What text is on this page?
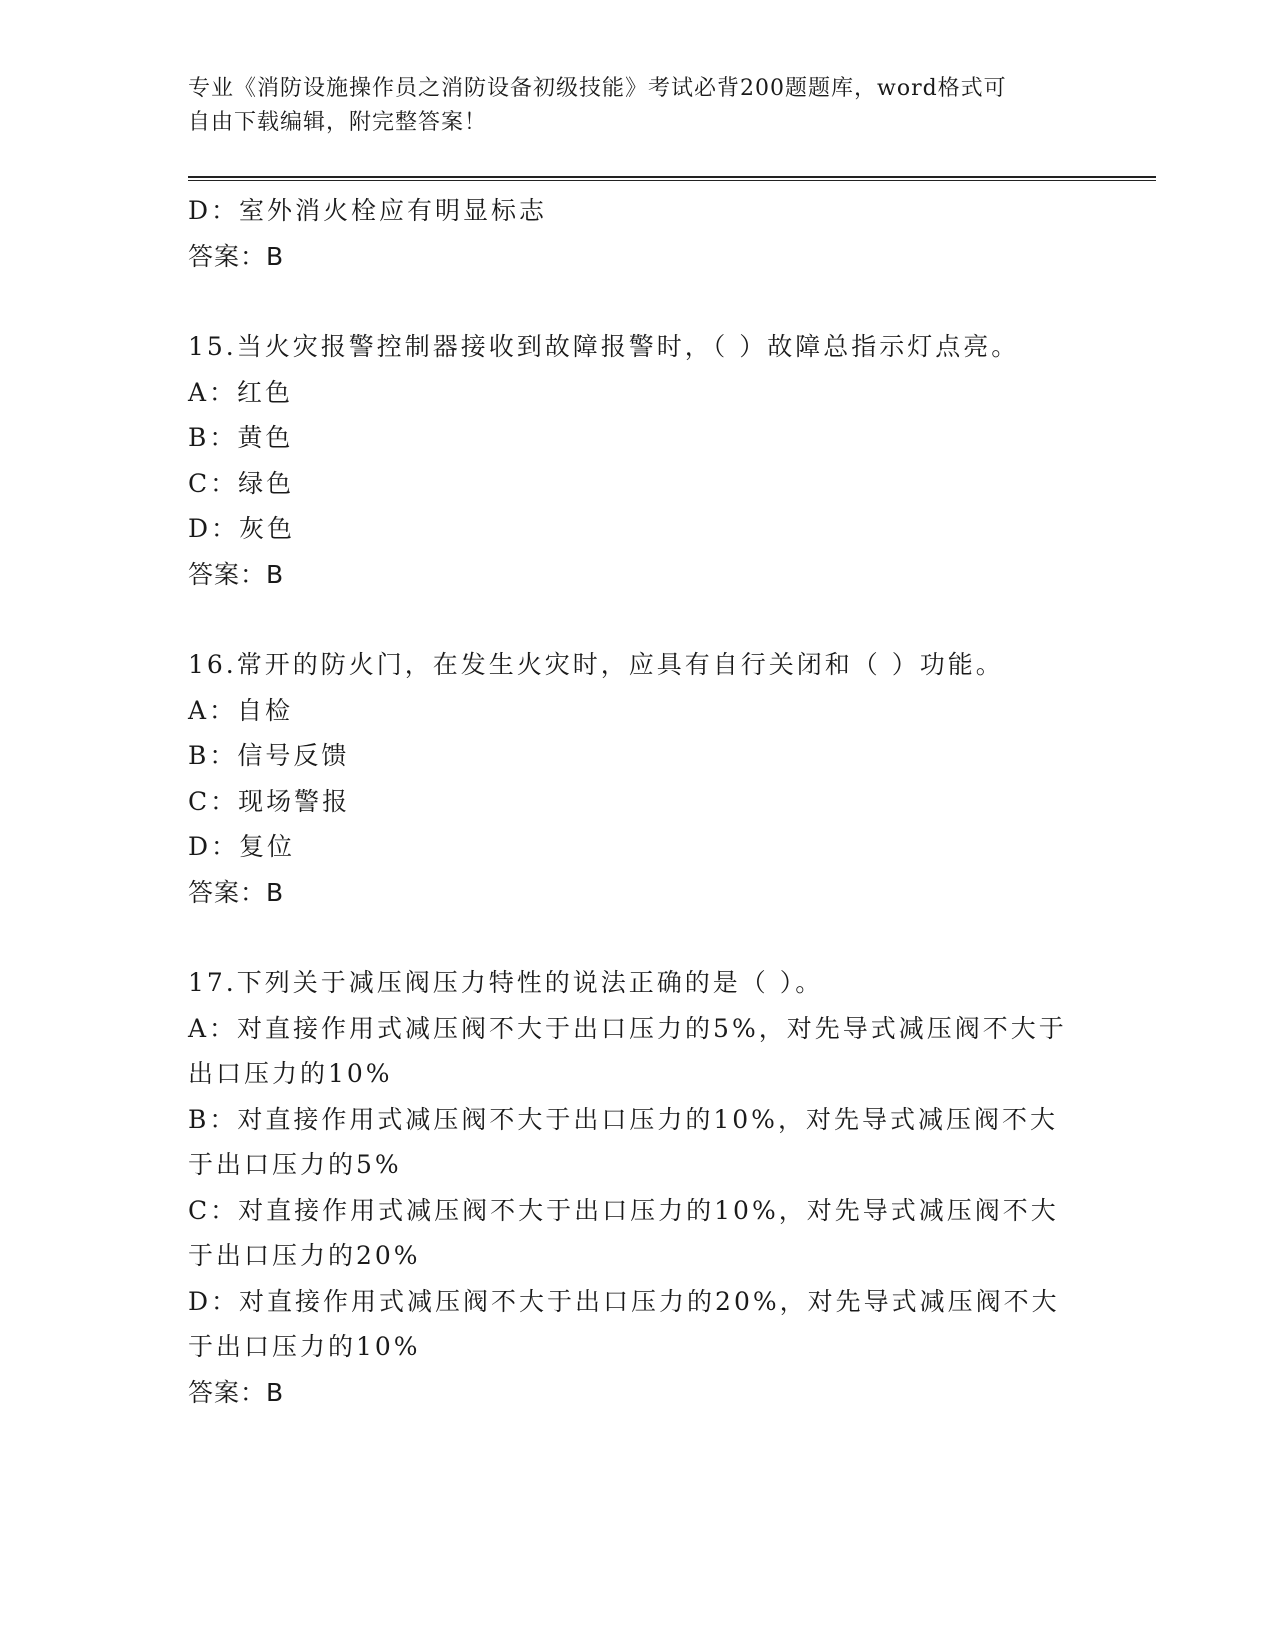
专业《消防设施操作员之消防设备初级技能》考试必背200题题库，word格式可
自由下载编辑，附完整答案！
D：室外消火栓应有明显标志
答案：B
15.当火灾报警控制器接收到故障报警时，（ ）故障总指示灯点亮。
A：红色
B：黄色
C：绿色
D：灰色
答案：B
16.常开的防火门，在发生火灾时，应具有自行关闭和（ ）功能。
A：自检
B：信号反馈
C：现场警报
D：复位
答案：B
17.下列关于减压阀压力特性的说法正确的是（ ）。
A：对直接作用式减压阀不大于出口压力的5%，对先导式减压阀不大于
出口压力的10%
B：对直接作用式减压阀不大于出口压力的10%，对先导式减压阀不大
于出口压力的5%
C：对直接作用式减压阀不大于出口压力的10%，对先导式减压阀不大
于出口压力的20%
D：对直接作用式减压阀不大于出口压力的20%，对先导式减压阀不大
于出口压力的10%
答案：B
